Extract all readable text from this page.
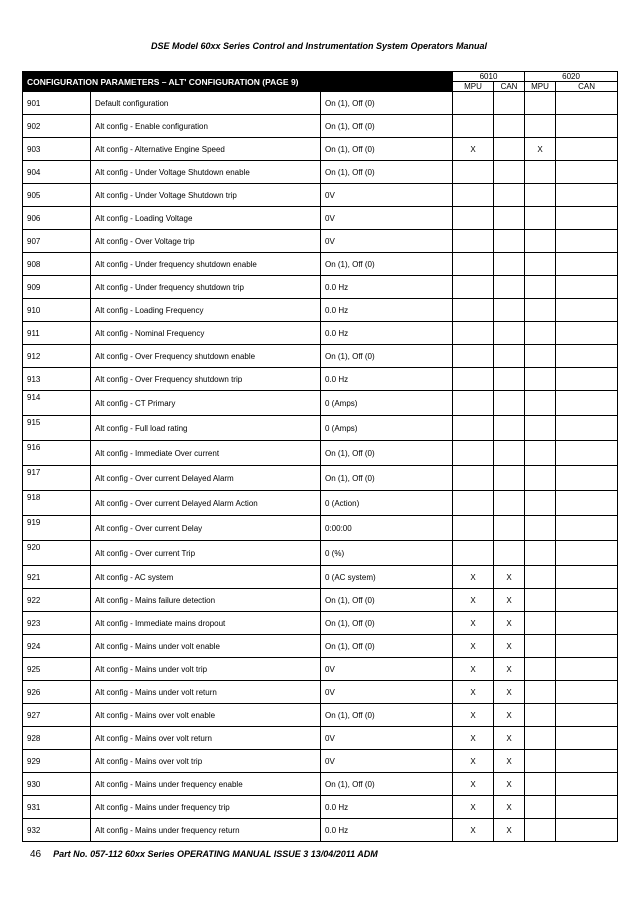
DSE Model 60xx Series Control and Instrumentation System Operators Manual
CONFIGURATION PARAMETERS – ALT' CONFIGURATION (PAGE 9)			6010		6020	
			MPU	CAN	MPU	CAN
901	Default configuration	On (1), Off (0)				
902	Alt config - Enable configuration	On (1), Off (0)				
903	Alt config - Alternative Engine Speed	On (1), Off (0)	X		X	
904	Alt config - Under Voltage Shutdown enable	On (1), Off (0)				
905	Alt config - Under Voltage Shutdown trip	0V				
906	Alt config - Loading Voltage	0V				
907	Alt config - Over Voltage trip	0V				
908	Alt config - Under frequency shutdown enable	On (1), Off (0)				
909	Alt config - Under frequency shutdown trip	0.0 Hz				
910	Alt config - Loading Frequency	0.0 Hz				
911	Alt config - Nominal Frequency	0.0 Hz				
912	Alt config - Over Frequency shutdown enable	On (1), Off (0)				
913	Alt config - Over Frequency shutdown trip	0.0 Hz				
914	Alt config - CT Primary	0 (Amps)				
915	Alt config - Full load rating	0 (Amps)				
916	Alt config - Immediate Over current	On (1), Off (0)				
917	Alt config - Over current Delayed Alarm	On (1), Off (0)				
918	Alt config - Over current Delayed Alarm Action	0 (Action)				
919	Alt config - Over current Delay	0:00:00				
920	Alt config - Over current Trip	0 (%)				
921	Alt config - AC system	0 (AC system)	X	X		
922	Alt config - Mains failure detection	On (1), Off (0)	X	X		
923	Alt config - Immediate mains dropout	On (1), Off (0)	X	X		
924	Alt config - Mains under volt enable	On (1), Off (0)	X	X		
925	Alt config - Mains under volt trip	0V	X	X		
926	Alt config - Mains under volt return	0V	X	X		
927	Alt config - Mains over volt enable	On (1), Off (0)	X	X		
928	Alt config - Mains over volt return	0V	X	X		
929	Alt config - Mains over volt trip	0V	X	X		
930	Alt config - Mains under frequency enable	On (1), Off (0)	X	X		
931	Alt config - Mains under frequency trip	0.0 Hz	X	X		
932	Alt config - Mains under frequency return	0.0 Hz	X	X		
46 Part No. 057-112 60xx Series OPERATING MANUAL ISSUE 3 13/04/2011 ADM
